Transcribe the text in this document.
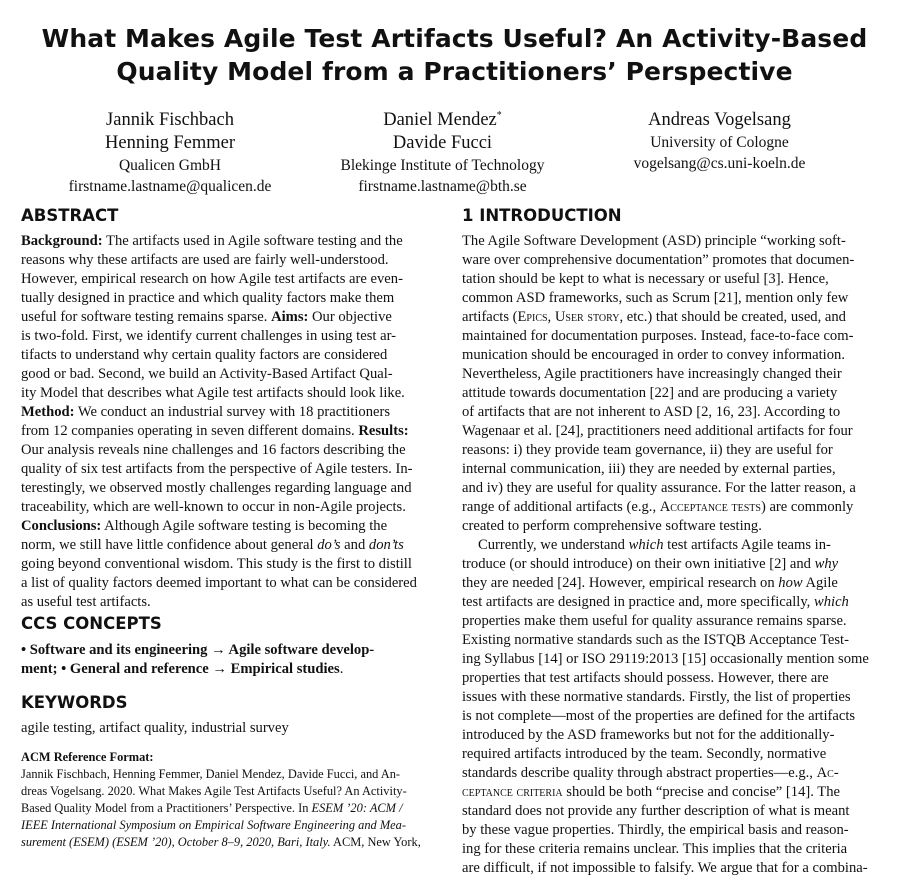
What Makes Agile Test Artifacts Useful? An Activity-Based
Quality Model from a Practitioners’ Perspective
Jannik Fischbach
Henning Femmer
Qualicen GmbH
firstname.lastname@qualicen.de
Daniel Mendez*
Davide Fucci
Blekinge Institute of Technology
firstname.lastname@bth.se
Andreas Vogelsang
University of Cologne
vogelsang@cs.uni-koeln.de
ABSTRACT
Background: The artifacts used in Agile software testing and the
reasons why these artifacts are used are fairly well-understood.
However, empirical research on how Agile test artifacts are even-
tually designed in practice and which quality factors make them
useful for software testing remains sparse. Aims: Our objective
is two-fold. First, we identify current challenges in using test ar-
tifacts to understand why certain quality factors are considered
good or bad. Second, we build an Activity-Based Artifact Qual-
ity Model that describes what Agile test artifacts should look like.
Method: We conduct an industrial survey with 18 practitioners
from 12 companies operating in seven different domains. Results:
Our analysis reveals nine challenges and 16 factors describing the
quality of six test artifacts from the perspective of Agile testers. In-
terestingly, we observed mostly challenges regarding language and
traceability, which are well-known to occur in non-Agile projects.
Conclusions: Although Agile software testing is becoming the
norm, we still have little confidence about general do’s and don’ts
going beyond conventional wisdom. This study is the first to distill
a list of quality factors deemed important to what can be considered
as useful test artifacts.
CCS CONCEPTS
• Software and its engineering → Agile software develop-
ment; • General and reference → Empirical studies.
KEYWORDS
agile testing, artifact quality, industrial survey
ACM Reference Format:
Jannik Fischbach, Henning Femmer, Daniel Mendez, Davide Fucci, and An-
dreas Vogelsang. 2020. What Makes Agile Test Artifacts Useful? An Activity-
Based Quality Model from a Practitioners’ Perspective. In ESEM ’20: ACM /
IEEE International Symposium on Empirical Software Engineering and Mea-
surement (ESEM) (ESEM ’20), October 8–9, 2020, Bari, Italy. ACM, New York,
1 INTRODUCTION
The Agile Software Development (ASD) principle “working soft-
ware over comprehensive documentation” promotes that documen-
tation should be kept to what is necessary or useful [3]. Hence,
common ASD frameworks, such as Scrum [21], mention only few
artifacts (Epics, User story, etc.) that should be created, used, and
maintained for documentation purposes. Instead, face-to-face com-
munication should be encouraged in order to convey information.
Nevertheless, Agile practitioners have increasingly changed their
attitude towards documentation [22] and are producing a variety
of artifacts that are not inherent to ASD [2, 16, 23]. According to
Wagenaar et al. [24], practitioners need additional artifacts for four
reasons: i) they provide team governance, ii) they are useful for
internal communication, iii) they are needed by external parties,
and iv) they are useful for quality assurance. For the latter reason, a
range of additional artifacts (e.g., Acceptance tests) are commonly
created to perform comprehensive software testing.
Currently, we understand which test artifacts Agile teams in-
troduce (or should introduce) on their own initiative [2] and why
they are needed [24]. However, empirical research on how Agile
test artifacts are designed in practice and, more specifically, which
properties make them useful for quality assurance remains sparse.
Existing normative standards such as the ISTQB Acceptance Test-
ing Syllabus [14] or ISO 29119:2013 [15] occasionally mention some
properties that test artifacts should possess. However, there are
issues with these normative standards. Firstly, the list of properties
is not complete—most of the properties are defined for the artifacts
introduced by the ASD frameworks but not for the additionally-
required artifacts introduced by the team. Secondly, normative
standards describe quality through abstract properties—e.g., Ac-
ceptance criteria should be both “precise and concise” [14]. The
standard does not provide any further description of what is meant
by these vague properties. Thirdly, the empirical basis and reason-
ing for these criteria remains unclear. This implies that the criteria
are difficult, if not impossible to falsify. We argue that for a combina-
